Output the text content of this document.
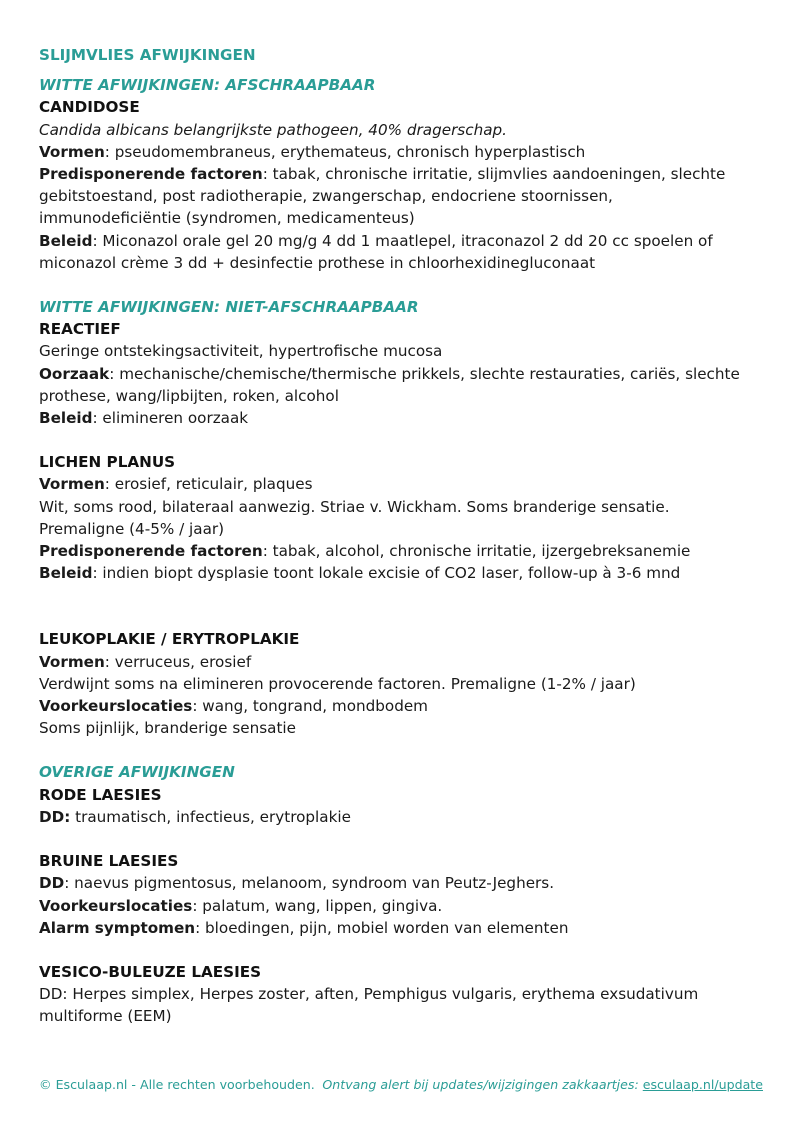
SLIJMVLIES AFWIJKINGEN
WITTE AFWIJKINGEN: AFSCHRAAPBAAR
CANDIDOSE
Candida albicans belangrijkste pathogeen, 40% dragerschap.
Vormen: pseudomembraneus, erythemateus, chronisch hyperplastisch
Predisponerende factoren: tabak, chronische irritatie, slijmvlies aandoeningen, slechte gebitstoestand, post radiotherapie, zwangerschap, endocriene stoornissen, immunodeficiëntie (syndromen, medicamenteus)
Beleid: Miconazol orale gel 20 mg/g 4 dd 1 maatlepel, itraconazol 2 dd 20 cc spoelen of miconazol crème 3 dd + desinfectie prothese in chloorhexidinegluconaat
WITTE AFWIJKINGEN: NIET-AFSCHRAAPBAAR
REACTIEF
Geringe ontstekingsactiviteit, hypertrofische mucosa
Oorzaak: mechanische/chemische/thermische prikkels, slechte restauraties, cariës, slechte prothese, wang/lipbijten, roken, alcohol
Beleid: elimineren oorzaak
LICHEN PLANUS
Vormen: erosief, reticulair, plaques
Wit, soms rood, bilateraal aanwezig. Striae v. Wickham. Soms branderige sensatie.
Premaligne (4-5% / jaar)
Predisponerende factoren: tabak, alcohol, chronische irritatie, ijzergebreksanemie
Beleid: indien biopt dysplasie toont lokale excisie of CO2 laser, follow-up à 3-6 mnd
LEUKOPLAKIE / ERYTROPLAKIE
Vormen: verruceus, erosief
Verdwijnt soms na elimineren provocerende factoren. Premaligne (1-2% / jaar)
Voorkeurslocaties: wang, tongrand, mondbodem
Soms pijnlijk, branderige sensatie
OVERIGE AFWIJKINGEN
RODE LAESIES
DD: traumatisch, infectieus, erytroplakie
BRUINE LAESIES
DD: naevus pigmentosus, melanoom, syndroom van Peutz-Jeghers.
Voorkeurslocaties: palatum, wang, lippen, gingiva.
Alarm symptomen: bloedingen, pijn, mobiel worden van elementen
VESICO-BULEUZE LAESIES
DD: Herpes simplex, Herpes zoster, aften, Pemphigus vulgaris, erythema exsudativum multiforme (EEM)
© Esculaap.nl - Alle rechten voorbehouden. Ontvang alert bij updates/wijzigingen zakkaartjes: esculaap.nl/update
